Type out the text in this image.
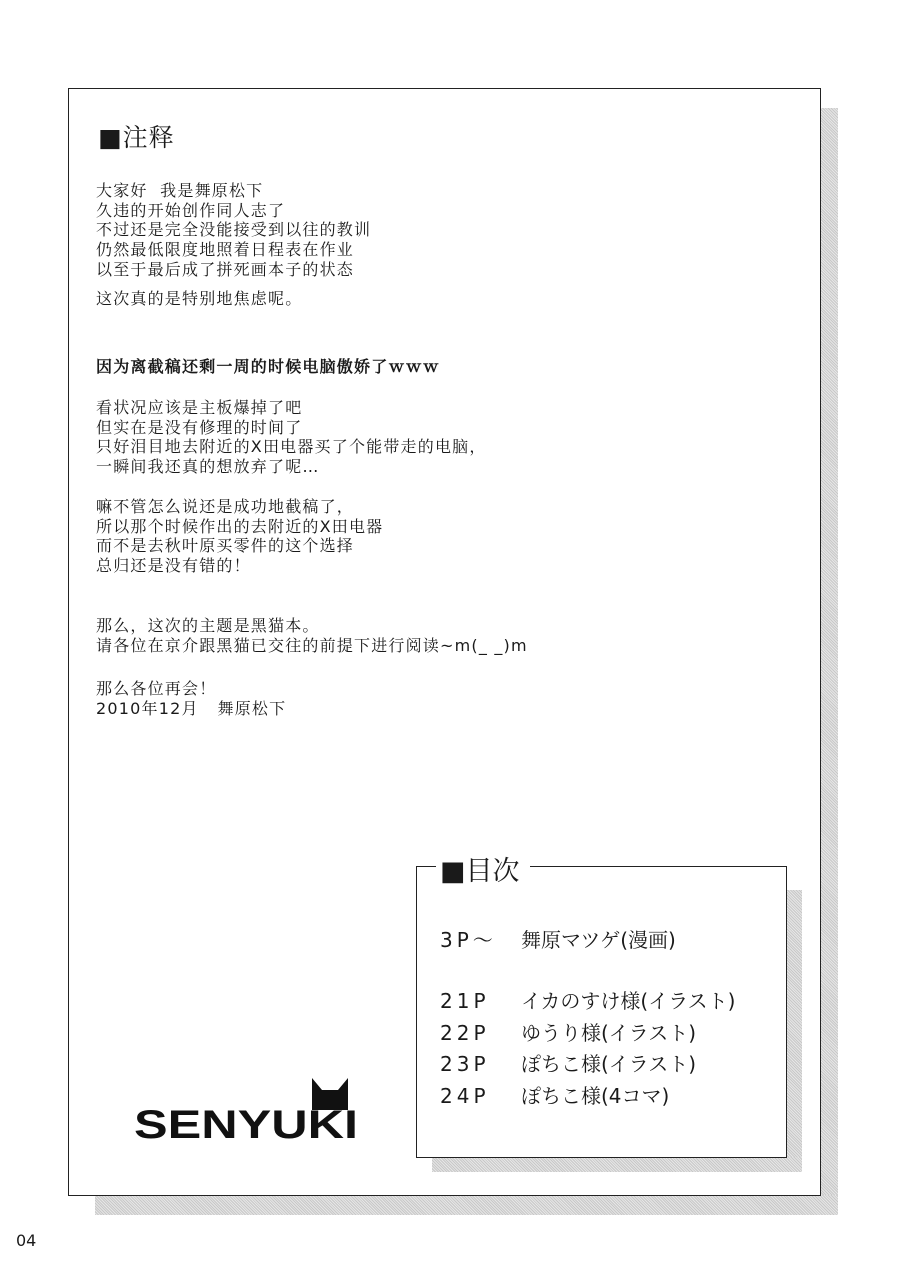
■注释
大家好  我是舞原松下
久违的开始创作同人志了
不过还是完全没能接受到以往的教训
仍然最低限度地照着日程表在作业
以至于最后成了拼死画本子的状态
这次真的是特别地焦虑呢。
因为离截稿还剩一周的时候电脑傲娇了ｗｗｗ
看状况应该是主板爆掉了吧
但实在是没有修理的时间了
只好泪目地去附近的X田电器买了个能带走的电脑，
一瞬间我还真的想放弃了呢…
嘛不管怎么说还是成功地截稿了，
所以那个时候作出的去附近的X田电器
而不是去秋叶原买零件的这个选择
总归还是没有错的！
那么，这次的主题是黑猫本。
请各位在京介跟黑猫已交往的前提下进行阅读~m(_ _)m
那么各位再会！
2010年12月   舞原松下
■目次
3P～ 舞原マツゲ(漫画)
21P イカのすけ様(イラスト)
22P ゆうり様(イラスト)
23P ぽちこ様(イラスト)
24P ぽちこ様(4コマ)
SENYUKI
04
